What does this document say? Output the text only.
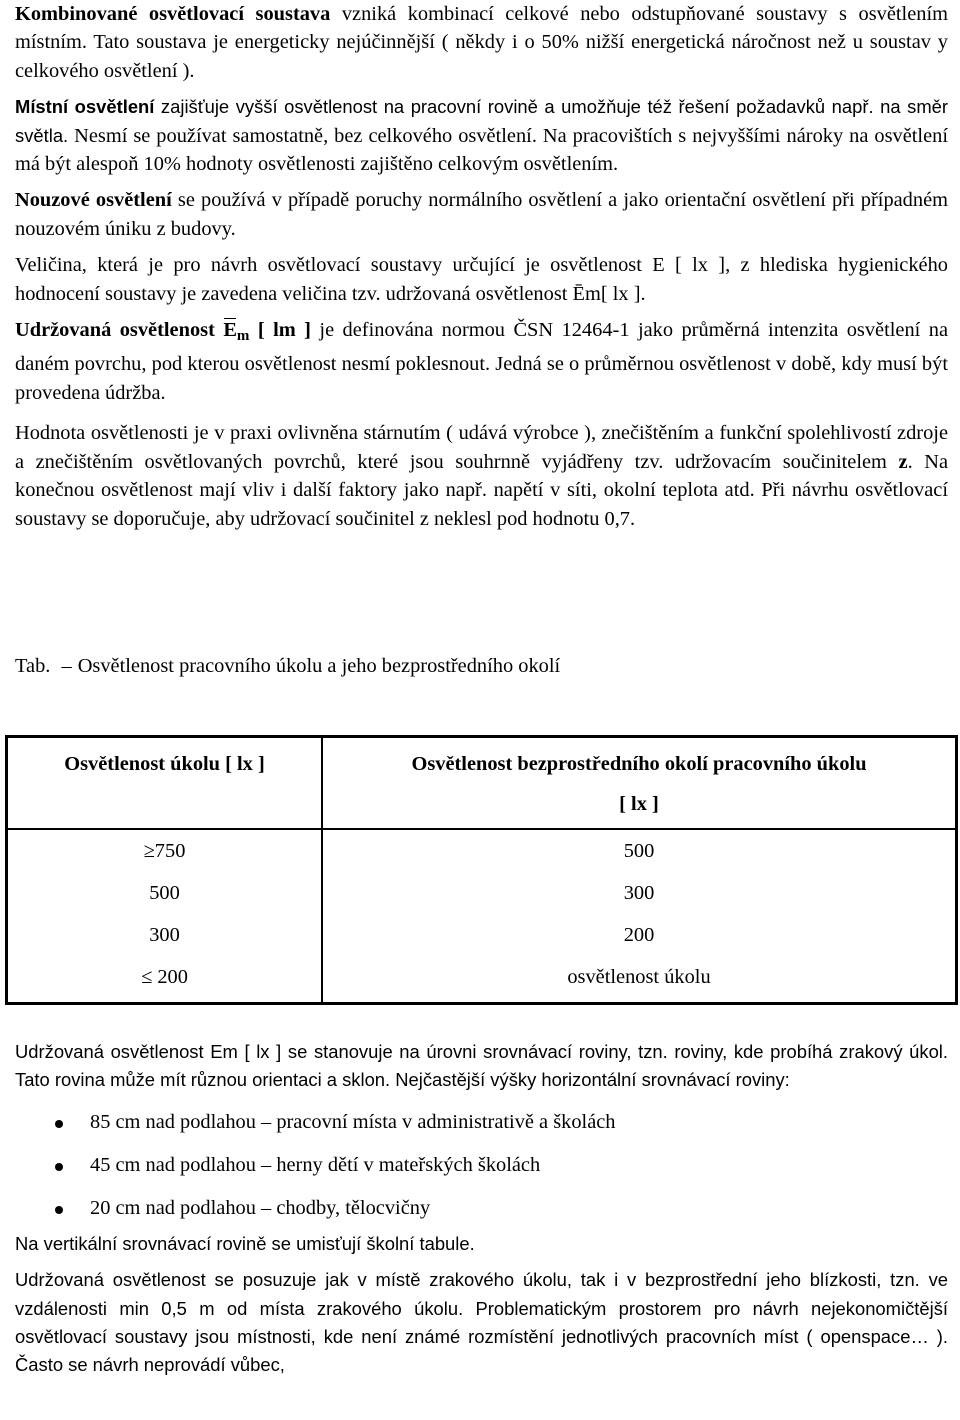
Kombinované osvětlovací soustava vzniká kombinací celkové nebo odstupňované soustavy s osvětlením místním. Tato soustava je energeticky nejúčinnější ( někdy i o 50% nižší energetická náročnost než u soustav y celkového osvětlení ).

Místní osvětlení zajišťuje vyšší osvětlenost na pracovní rovině a umožňuje též řešení požadavků např. na směr světla. Nesmí se používat samostatně, bez celkového osvětlení. Na pracovištích s nejvyššími nároky na osvětlení má být alespoň 10% hodnoty osvětlenosti zajištěno celkovým osvětlením.

Nouzové osvětlení se používá v případě poruchy normálního osvětlení a jako orientační osvětlení při případném nouzovém úniku z budovy.

Veličina, která je pro návrh osvětlovací soustavy určující je osvětlenost E [ lx ], z hlediska hygienického hodnocení soustavy je zavedena veličina tzv. udržovaná osvětlenost Ēm[ lx ].

Udržovaná osvětlenost $E_m$ [ lm ] je definována normou ČSN 12464-1 jako průměrná intenzita osvětlení na daném povrchu, pod kterou osvětlenost nesmí poklesnout. Jedná se o průměrnou osvětlenost v době, kdy musí být provedena údržba.

Hodnota osvětlenosti je v praxi ovlivněna stárnutím ( udává výrobce ), znečištěním a funkční spolehlivostí zdroje a znečištěním osvětlovaných povrchů, které jsou souhrnně vyjádřeny tzv. udržovacím součinitelem z. Na konečnou osvětlenost mají vliv i další faktory jako např. napětí v síti, okolní teplota atd. Při návrhu osvětlovací soustavy se doporučuje, aby udržovací součinitel z neklesl pod hodnotu 0,7.

Tab. – Osvětlenost pracovního úkolu a jeho bezprostředního okolí

Osvětlenost úkolu [ lx ]	Osvětlenost bezprostředního okolí pracovního úkolu
[ lx ]
≥750	500
500	300
300	200
≤ 200	osvětlenost úkolu

Udržovaná osvětlenost Em [ lx ] se stanovuje na úrovni srovnávací roviny, tzn. roviny, kde probíhá zrakový úkol. Tato rovina může mít různou orientaci a sklon. Nejčastější výšky horizontální srovnávací roviny:

85 cm nad podlahou – pracovní místa v administrativě a školách
45 cm nad podlahou – herny dětí v mateřských školách
20 cm nad podlahou – chodby, tělocvičny

Na vertikální srovnávací rovině se umisťují školní tabule.

Udržovaná osvětlenost se posuzuje jak v místě zrakového úkolu, tak i v bezprostřední jeho blízkosti, tzn. ve vzdálenosti min 0,5 m od místa zrakového úkolu. Problematickým prostorem pro návrh nejekonomičtější osvětlovací soustavy jsou místnosti, kde není známé rozmístění jednotlivých pracovních míst ( openspace… ). Často se návrh neprovádí vůbec,
